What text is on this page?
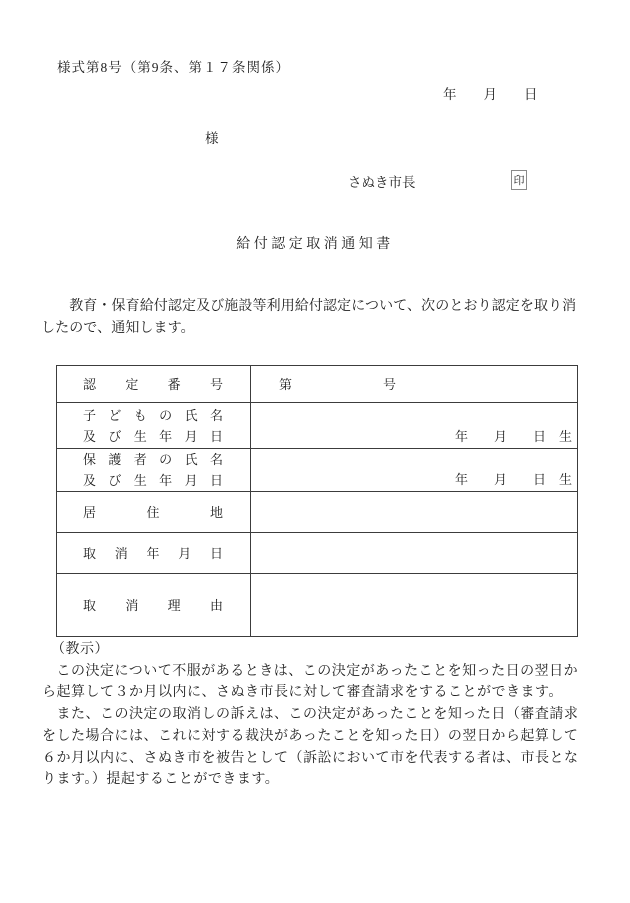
様式第8号（第9条、第１７条関係）
年　　月　　日
様
さぬき市長	印
給付認定取消通知書
　　教育・保育給付認定及び施設等利用給付認定について、次のとおり認定を取り消
したので、通知します。
認 定 番 号	第　　　　　　　号

子 ど も の 氏 名
及 び 生 年 月 日	年　　月　　日　生

保 護 者 の 氏 名
及 び 生 年 月 日	年　　月　　日　生

居 住 地	

取 消 年 月 日	

取 消 理 由	

（教示）
　この決定について不服があるときは、この決定があったことを知った日の翌日か
ら起算して３か月以内に、さぬき市長に対して審査請求をすることができます。
　また、この決定の取消しの訴えは、この決定があったことを知った日（審査請求
をした場合には、これに対する裁決があったことを知った日）の翌日から起算して
６か月以内に、さぬき市を被告として（訴訟において市を代表する者は、市長とな
ります。）提起することができます。
